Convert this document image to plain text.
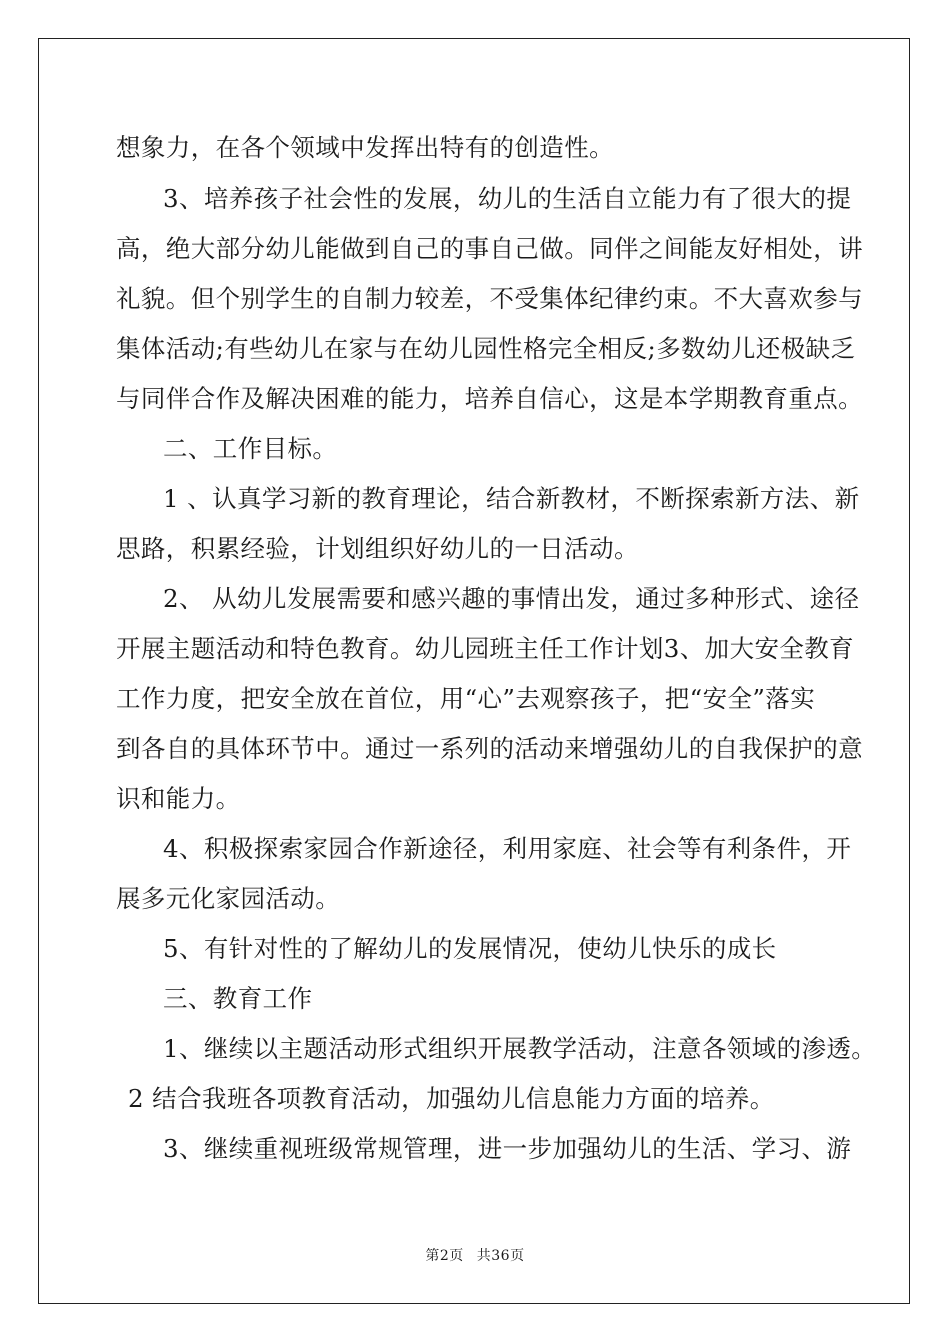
想象力，在各个领域中发挥出特有的创造性。
3、培养孩子社会性的发展，幼儿的生活自立能力有了很大的提
高，绝大部分幼儿能做到自己的事自己做。同伴之间能友好相处，讲
礼貌。但个别学生的自制力较差，不受集体纪律约束。不大喜欢参与
集体活动;有些幼儿在家与在幼儿园性格完全相反;多数幼儿还极缺乏
与同伴合作及解决困难的能力，培养自信心，这是本学期教育重点。
二、工作目标。
1 、认真学习新的教育理论，结合新教材，不断探索新方法、新
思路，积累经验，计划组织好幼儿的一日活动。
2、 从幼儿发展需要和感兴趣的事情出发，通过多种形式、途径
开展主题活动和特色教育。幼儿园班主任工作计划3、加大安全教育
工作力度，把安全放在首位，用“心”去观察孩子，把“安全”落实
到各自的具体环节中。通过一系列的活动来增强幼儿的自我保护的意
识和能力。
4、积极探索家园合作新途径，利用家庭、社会等有利条件，开
展多元化家园活动。
5、有针对性的了解幼儿的发展情况，使幼儿快乐的成长
三、教育工作
1、继续以主题活动形式组织开展教学活动，注意各领域的渗透。
2 结合我班各项教育活动，加强幼儿信息能力方面的培养。
3、继续重视班级常规管理，进一步加强幼儿的生活、学习、游
第2页 共36页
